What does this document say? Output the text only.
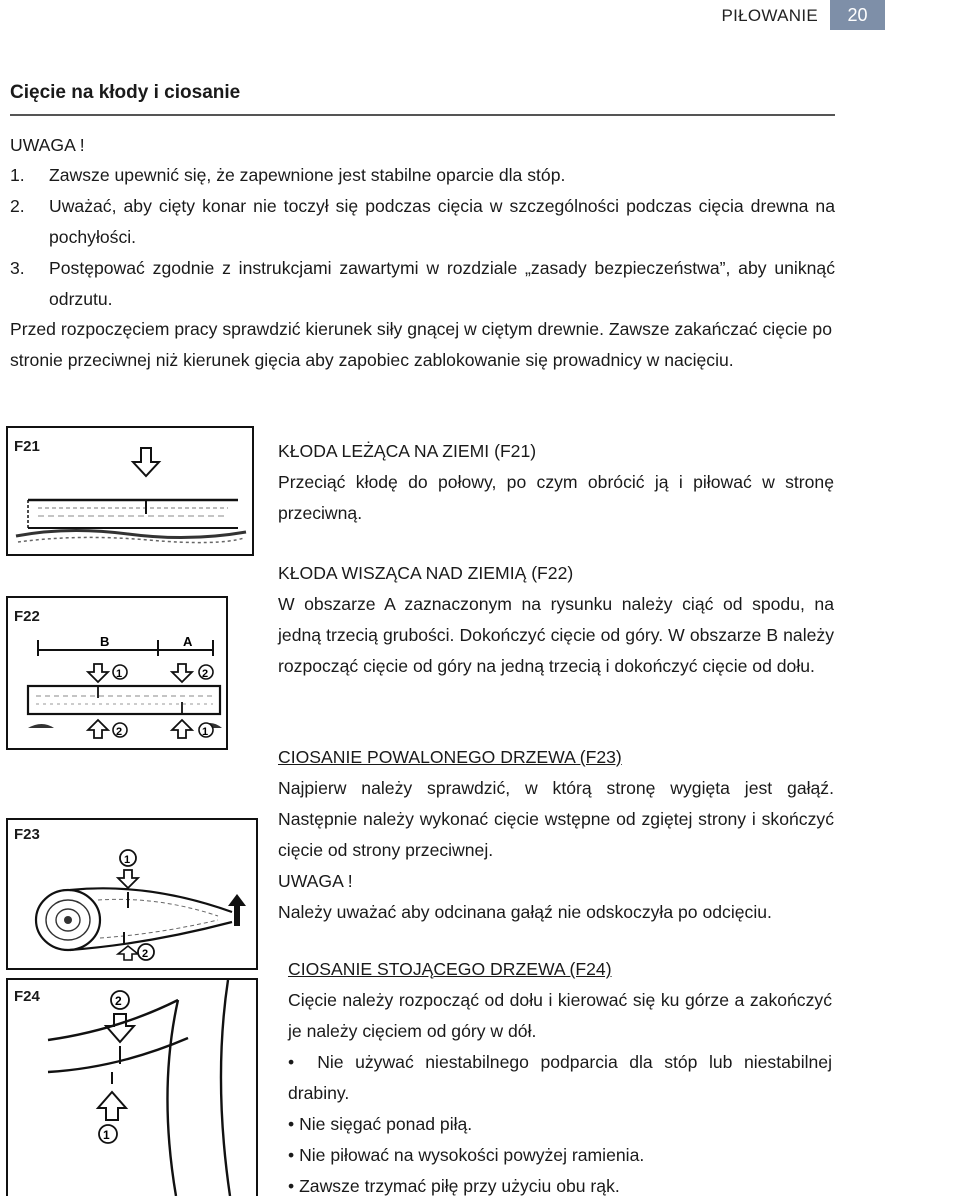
PIŁOWANIE	20
Cięcie na kłody i ciosanie
UWAGA !
1. Zawsze upewnić się, że zapewnione jest stabilne oparcie dla stóp.
2. Uważać, aby cięty konar nie toczył się podczas cięcia w szczególności podczas cięcia drewna na pochyłości.
3. Postępować zgodnie z instrukcjami zawartymi w rozdziale „zasady bezpieczeństwa”, aby uniknąć odrzutu.
Przed rozpoczęciem pracy sprawdzić kierunek siły gnącej w ciętym drewnie. Zawsze zakańczać cięcie po stronie przeciwnej niż kierunek gięcia aby zapobiec zablokowanie się prowadnicy w nacięciu.
F21
F22
B	A
1	2
2	1
F23
1
2
F24	2
1
KŁODA LEŻĄCA NA ZIEMI (F21)

Przeciąć kłodę do połowy, po czym obrócić ją i piłować w stronę przeciwną.

KŁODA WISZĄCA NAD ZIEMIĄ (F22)

W obszarze A zaznaczonym na rysunku należy ciąć od spodu, na jedną trzecią grubości. Dokończyć cięcie od góry. W obszarze B należy rozpocząć cięcie od góry na jedną trzecią i dokończyć cięcie od dołu.

CIOSANIE POWALONEGO DRZEWA (F23)

Najpierw należy sprawdzić, w którą stronę wygięta jest gałąź. Następnie należy wykonać cięcie wstępne od zgiętej strony i skończyć cięcie od strony przeciwnej.

UWAGA !

Należy uważać aby odcinana gałąź nie odskoczyła po odcięciu.

CIOSANIE STOJĄCEGO DRZEWA (F24)

Cięcie należy rozpocząć od dołu i kierować się ku górze a zakończyć je należy cięciem od góry w dół.

• Nie używać niestabilnego podparcia dla stóp lub niestabilnej drabiny.

• Nie sięgać ponad piłą.

• Nie piłować na wysokości powyżej ramienia.

• Zawsze trzymać piłę przy użyciu obu rąk.
